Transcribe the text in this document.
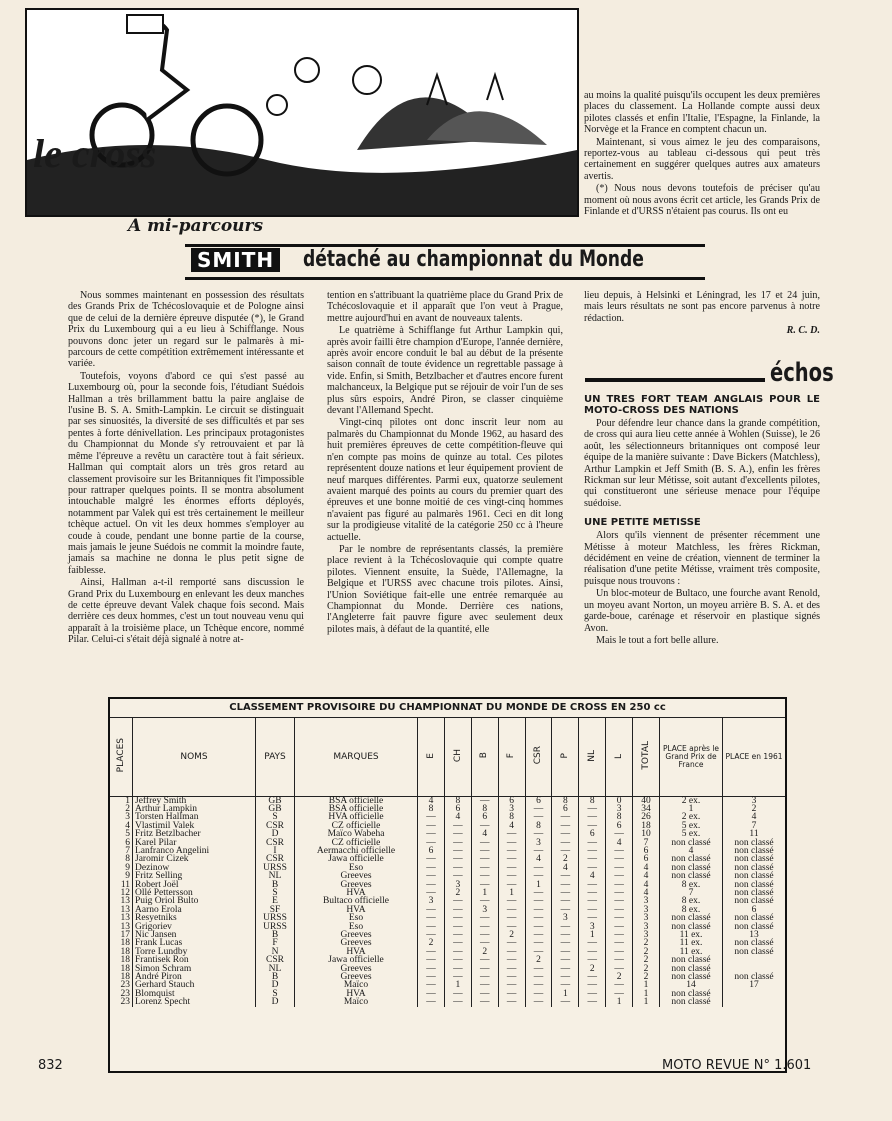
le cross
A mi-parcours
SMITH détaché au championnat du Monde

au moins la qualité puisqu'ils occupent les deux premières places du classement. La Hollande compte aussi deux pilotes classés et enfin l'Italie, l'Espagne, la Finlande, la Norvège et la France en comptent chacun un.

Maintenant, si vous aimez le jeu des comparaisons, reportez-vous au tableau ci-dessous qui peut très certainement en suggérer quelques autres aux amateurs avertis.

(*) Nous nous devons toutefois de préciser qu'au moment où nous avons écrit cet article, les Grands Prix de Finlande et d'URSS n'étaient pas courus. Ils ont eu

Nous sommes maintenant en possession des résultats des Grands Prix de Tchécoslovaquie et de Pologne ainsi que de celui de la dernière épreuve disputée (*), le Grand Prix du Luxembourg qui a eu lieu à Schifflange. Nous pouvons donc jeter un regard sur le palmarès à mi-parcours de cette compétition extrêmement intéressante et variée.

Toutefois, voyons d'abord ce qui s'est passé au Luxembourg où, pour la seconde fois, l'étudiant Suédois Hallman a très brillamment battu la paire anglaise de l'usine B. S. A. Smith-Lampkin. Le circuit se distinguait par ses sinuosités, la diversité de ses difficultés et par ses pentes à forte dénivellation. Les principaux protagonistes du Championnat du Monde s'y retrouvaient et par là même l'épreuve a revêtu un caractère tout à fait sérieux. Hallman qui comptait alors un très gros retard au classement provisoire sur les Britanniques fit l'impossible pour rattraper quelques points. Il se montra absolument intouchable malgré les énormes efforts déployés, notamment par Valek qui est très certainement le meilleur tchèque actuel. On vit les deux hommes s'employer au coude à coude, pendant une bonne partie de la course, mais jamais le jeune Suédois ne commit la moindre faute, jamais sa machine ne donna le plus petit signe de faiblesse.

Ainsi, Hallman a-t-il remporté sans discussion le Grand Prix du Luxembourg en enlevant les deux manches de cette épreuve devant Valek chaque fois second. Mais derrière ces deux hommes, c'est un tout nouveau venu qui apparaît à la troisième place, un Tchèque encore, nommé Pilar. Celui-ci s'était déjà signalé à notre at-

tention en s'attribuant la quatrième place du Grand Prix de Tchécoslovaquie et il apparaît que l'on veut à Prague, mettre aujourd'hui en avant de nouveaux talents.

Le quatrième à Schifflange fut Arthur Lampkin qui, après avoir failli être champion d'Europe, l'année dernière, après avoir encore conduit le bal au début de la présente saison connaît de toute évidence un regrettable passage à vide. Enfin, si Smith, Betzlbacher et d'autres encore furent malchanceux, la Belgique put se réjouir de voir l'un de ses plus sûrs espoirs, André Piron, se classer cinquième devant l'Allemand Specht.

Vingt-cinq pilotes ont donc inscrit leur nom au palmarès du Championnat du Monde 1962, au hasard des huit premières épreuves de cette compétition-fleuve qui n'en compte pas moins de quinze au total. Ces pilotes représentent douze nations et leur équipement provient de neuf marques différentes. Parmi eux, quatorze seulement avaient marqué des points au cours du premier quart des épreuves et une bonne moitié de ces vingt-cinq hommes n'avaient pas figuré au palmarès 1961. Ceci en dit long sur la prodigieuse vitalité de la catégorie 250 cc à l'heure actuelle.

Par le nombre de représentants classés, la première place revient à la Tchécoslovaquie qui compte quatre pilotes. Viennent ensuite, la Suède, l'Allemagne, la Belgique et l'URSS avec chacune trois pilotes. Ainsi, l'Union Soviétique fait-elle une entrée remarquée au Championnat du Monde. Derrière ces nations, l'Angleterre fait pauvre figure avec seulement deux pilotes mais, à défaut de la quantité, elle

lieu depuis, à Helsinki et Léningrad, les 17 et 24 juin, mais leurs résultats ne sont pas encore parvenus à notre rédaction.

R. C. D.

échos

UN TRES FORT TEAM ANGLAIS POUR LE MOTO-CROSS DES NATIONS

Pour défendre leur chance dans la grande compétition, de cross qui aura lieu cette année à Wohlen (Suisse), le 26 août, les sélectionneurs britanniques ont composé leur équipe de la manière suivante : Dave Bickers (Matchless), Arthur Lampkin et Jeff Smith (B. S. A.), enfin les frères Rickman sur leur Métisse, soit autant d'excellents pilotes, qui constitueront une sérieuse menace pour l'équipe suédoise.

UNE PETITE METISSE

Alors qu'ils viennent de présenter récemment une Métisse à moteur Matchless, les frères Rickman, décidément en veine de création, viennent de terminer la réalisation d'une petite Métisse, vraiment très composite, puisque nous trouvons :

Un bloc-moteur de Bultaco, une fourche avant Renold, un moyeu avant Norton, un moyeu arrière B. S. A. et des garde-boue, carénage et réservoir en plastique signés Avon.

Mais le tout a fort belle allure.

CLASSEMENT PROVISOIRE DU CHAMPIONNAT DU MONDE DE CROSS EN 250 cc
PLACES	NOMS	PAYS	MARQUES	E	CH	B	F	CSR	P	NL	L	TOTAL	PLACE après le Grand Prix de France	PLACE en 1961
1	Jeffrey Smith	GB	BSA officielle	4	8	—	6	6	8	8	0	40	2 ex.	3
2	Arthur Lampkin	GB	BSA officielle	8	6	8	3	—	6	—	3	34	1	2
3	Torsten Hallman	S	HVA officielle	—	4	6	8	—	—	—	8	26	2 ex.	4
4	Vlastimil Valek	CSR	CZ officielle	—	—	—	4	8	—	—	6	18	5 ex.	7
5	Fritz Betzlbacher	D	Maïco Wabeha	—	—	4	—	—	—	6	—	10	5 ex.	11
6	Karel Pilar	CSR	CZ officielle	—	—	—	—	3	—	—	4	7	non classé	non classé
7	Lanfranco Angelini	I	Aermacchi officielle	6	—	—	—	—	—	—	—	6	4	non classé
8	Jaromir Cizek	CSR	Jawa officielle	—	—	—	—	4	2	—	—	6	non classé	non classé
9	Dezinow	URSS	Eso	—	—	—	—	—	4	—	—	4	non classé	non classé
9	Fritz Selling	NL	Greeves	—	—	—	—	—	—	4	—	4	non classé	non classé
11	Robert Joël	B	Greeves	—	3	—	—	1	—	—	—	4	8 ex.	non classé
12	Ollé Pettersson	S	HVA	—	2	1	1	—	—	—	—	4	7	non classé
13	Puig Oriol Bulto	E	Bultaco officielle	3	—	—	—	—	—	—	—	3	8 ex.	non classé
13	Aarno Erola	SF	HVA	—	—	3	—	—	—	—	—	3	8 ex.	6
13	Resyetniks	URSS	Eso	—	—	—	—	—	3	—	—	3	non classé	non classé
13	Grigoriev	URSS	Eso	—	—	—	—	—	—	3	—	3	non classé	non classé
17	Nic Jansen	B	Greeves	—	—	—	2	—	—	1	—	3	11 ex.	13
18	Frank Lucas	F	Greeves	2	—	—	—	—	—	—	—	2	11 ex.	non classé
18	Torre Lundby	N	HVA	—	—	2	—	—	—	—	—	2	11 ex.	non classé
18	Frantisek Ron	CSR	Jawa officielle	—	—	—	—	2	—	—	—	2	non classé	
18	Simon Schram	NL	Greeves	—	—	—	—	—	—	2	—	2	non classé	
18	André Piron	B	Greeves	—	—	—	—	—	—	—	2	2	non classé	non classé
23	Gerhard Stauch	D	Maïco	—	1	—	—	—	—	—	—	1	14	17
23	Blomquist	S	HVA	—	—	—	—	—	1	—	—	1	non classé	
23	Lorenz Specht	D	Maïco	—	—	—	—	—	—	—	1	1	non classé	
832	MOTO REVUE N° 1.601
